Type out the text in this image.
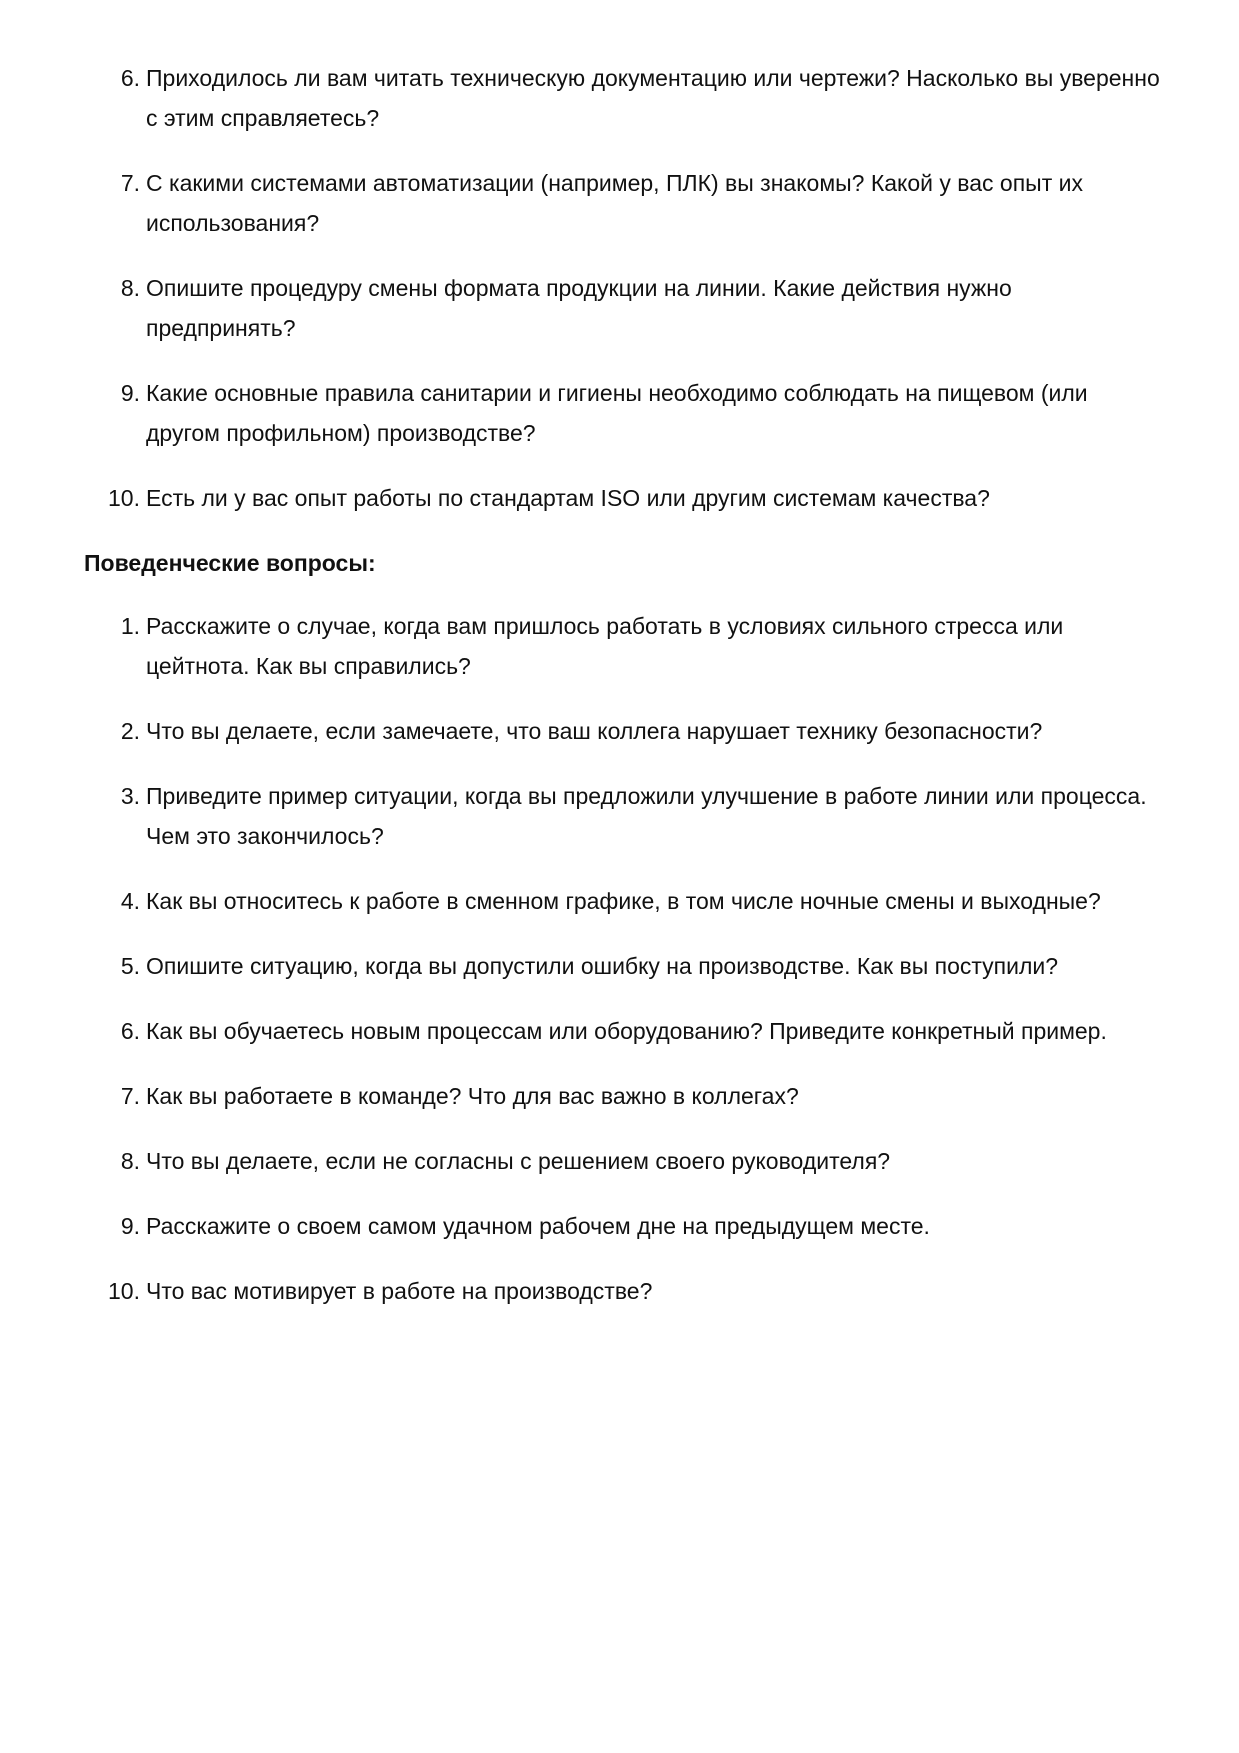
6. Приходилось ли вам читать техническую документацию или чертежи? Насколько вы уверенно с этим справляетесь?
7. С какими системами автоматизации (например, ПЛК) вы знакомы? Какой у вас опыт их использования?
8. Опишите процедуру смены формата продукции на линии. Какие действия нужно предпринять?
9. Какие основные правила санитарии и гигиены необходимо соблюдать на пищевом (или другом профильном) производстве?
10. Есть ли у вас опыт работы по стандартам ISO или другим системам качества?
Поведенческие вопросы:
1. Расскажите о случае, когда вам пришлось работать в условиях сильного стресса или цейтнота. Как вы справились?
2. Что вы делаете, если замечаете, что ваш коллега нарушает технику безопасности?
3. Приведите пример ситуации, когда вы предложили улучшение в работе линии или процесса. Чем это закончилось?
4. Как вы относитесь к работе в сменном графике, в том числе ночные смены и выходные?
5. Опишите ситуацию, когда вы допустили ошибку на производстве. Как вы поступили?
6. Как вы обучаетесь новым процессам или оборудованию? Приведите конкретный пример.
7. Как вы работаете в команде? Что для вас важно в коллегах?
8. Что вы делаете, если не согласны с решением своего руководителя?
9. Расскажите о своем самом удачном рабочем дне на предыдущем месте.
10. Что вас мотивирует в работе на производстве?
